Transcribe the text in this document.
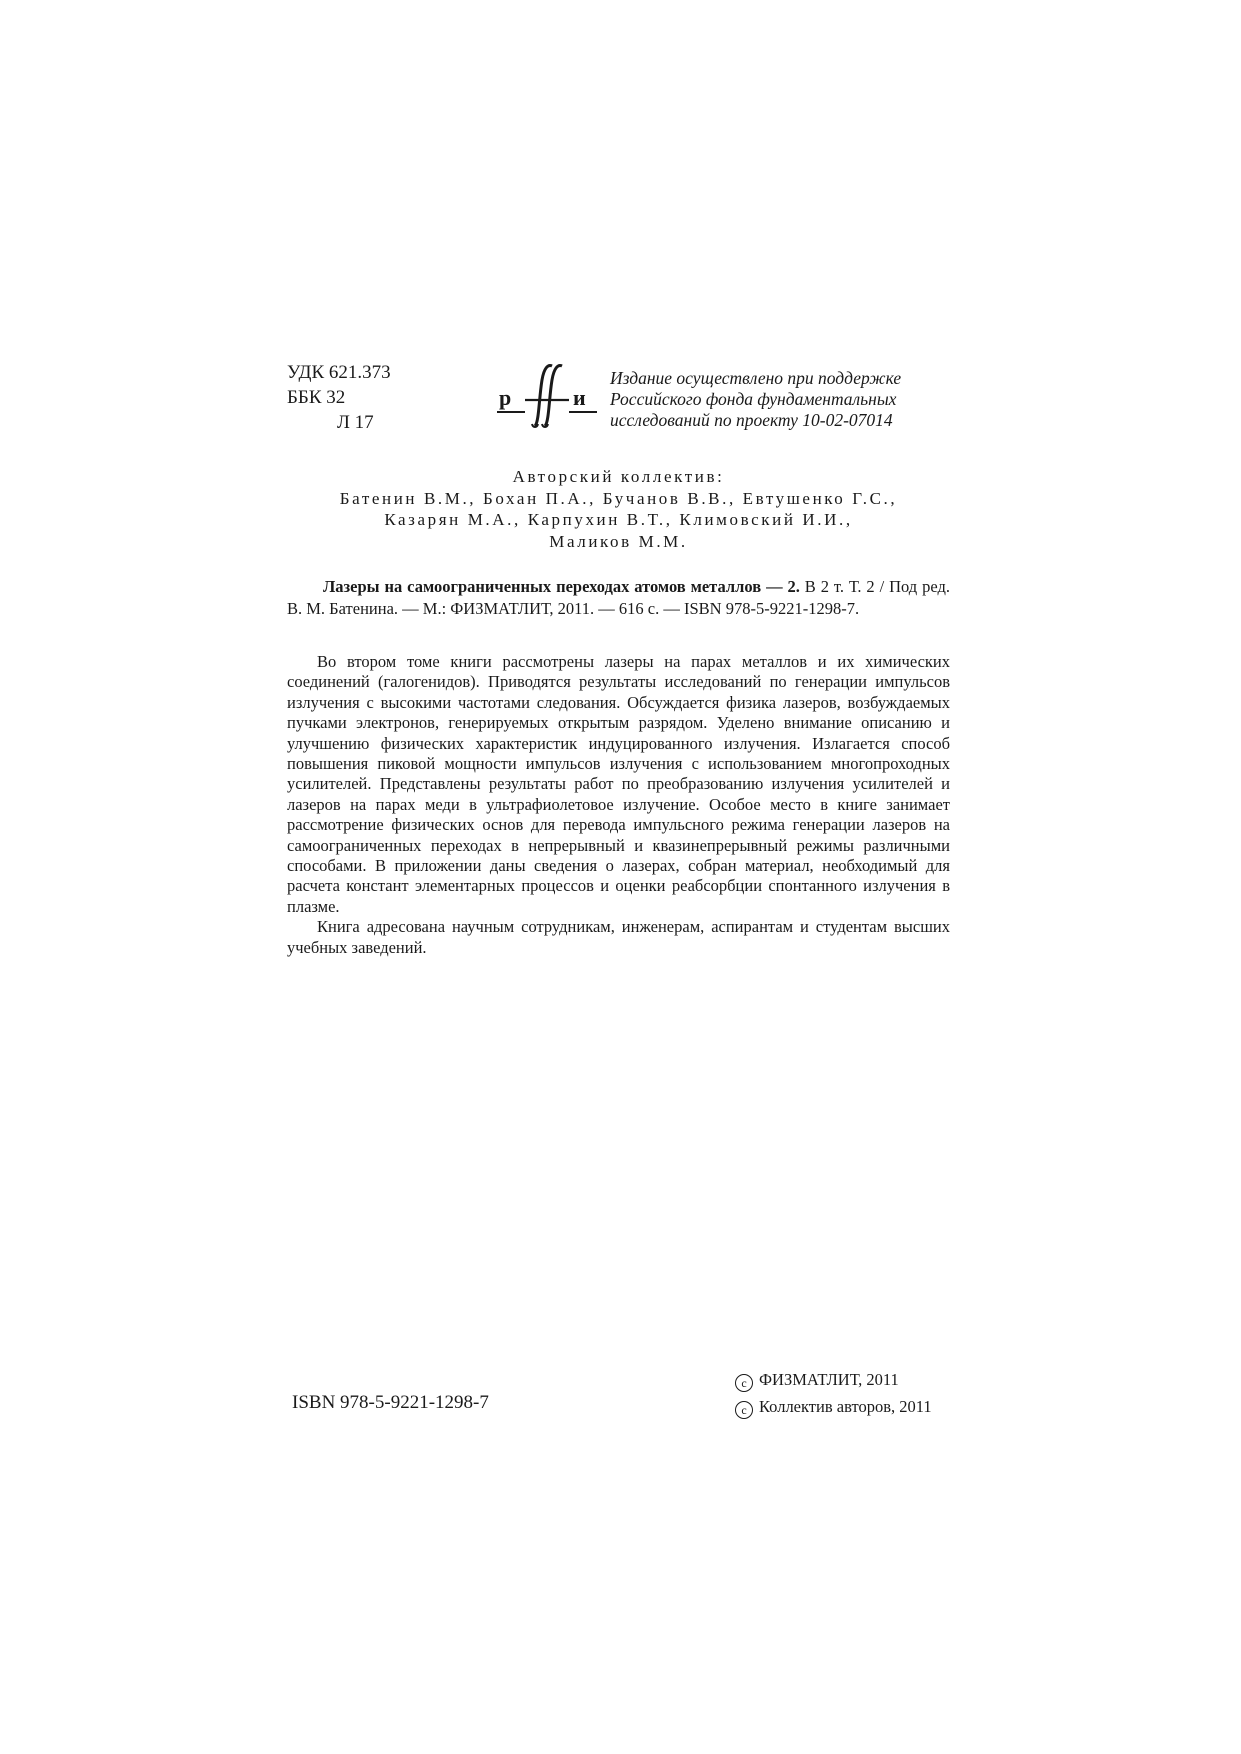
УДК 621.373
ББК 32
Л 17
р	и
Издание осуществлено при поддержке
Российского фонда фундаментальных
исследований по проекту 10-02-07014
Авторский коллектив:
Батенин В.М., Бохан П.А., Бучанов В.В., Евтушенко Г.С.,
Казарян М.А., Карпухин В.Т., Климовский И.И.,
Маликов М.М.
Лазеры на самоограниченных переходах атомов металлов — 2. В 2 т. Т. 2 / Под ред. В. М. Батенина. — М.: ФИЗМАТЛИТ, 2011. — 616 с. — ISBN 978-5-9221-1298-7.

Во втором томе книги рассмотрены лазеры на парах металлов и их химических соединений (галогенидов). Приводятся результаты исследований по генерации импульсов излучения с высокими частотами следования. Обсуждается физика лазеров, возбуждаемых пучками электронов, генерируемых открытым разрядом. Уделено внимание описанию и улучшению физических характеристик индуцированного излучения. Излагается способ повышения пиковой мощности импульсов излучения с использованием многопроходных усилителей. Представлены результаты работ по преобразованию излучения усилителей и лазеров на парах меди в ультрафиолетовое излучение. Особое место в книге занимает рассмотрение физических основ для перевода импульсного режима генерации лазеров на самоограниченных переходах в непрерывный и квазинепрерывный режимы различными способами. В приложении даны сведения о лазерах, собран материал, необходимый для расчета констант элементарных процессов и оценки реабсорбции спонтанного излучения в плазме.

Книга адресована научным сотрудникам, инженерам, аспирантам и студентам высших учебных заведений.

ISBN 978-5-9221-1298-7
c ФИЗМАТЛИТ, 2011
c Коллектив авторов, 2011
